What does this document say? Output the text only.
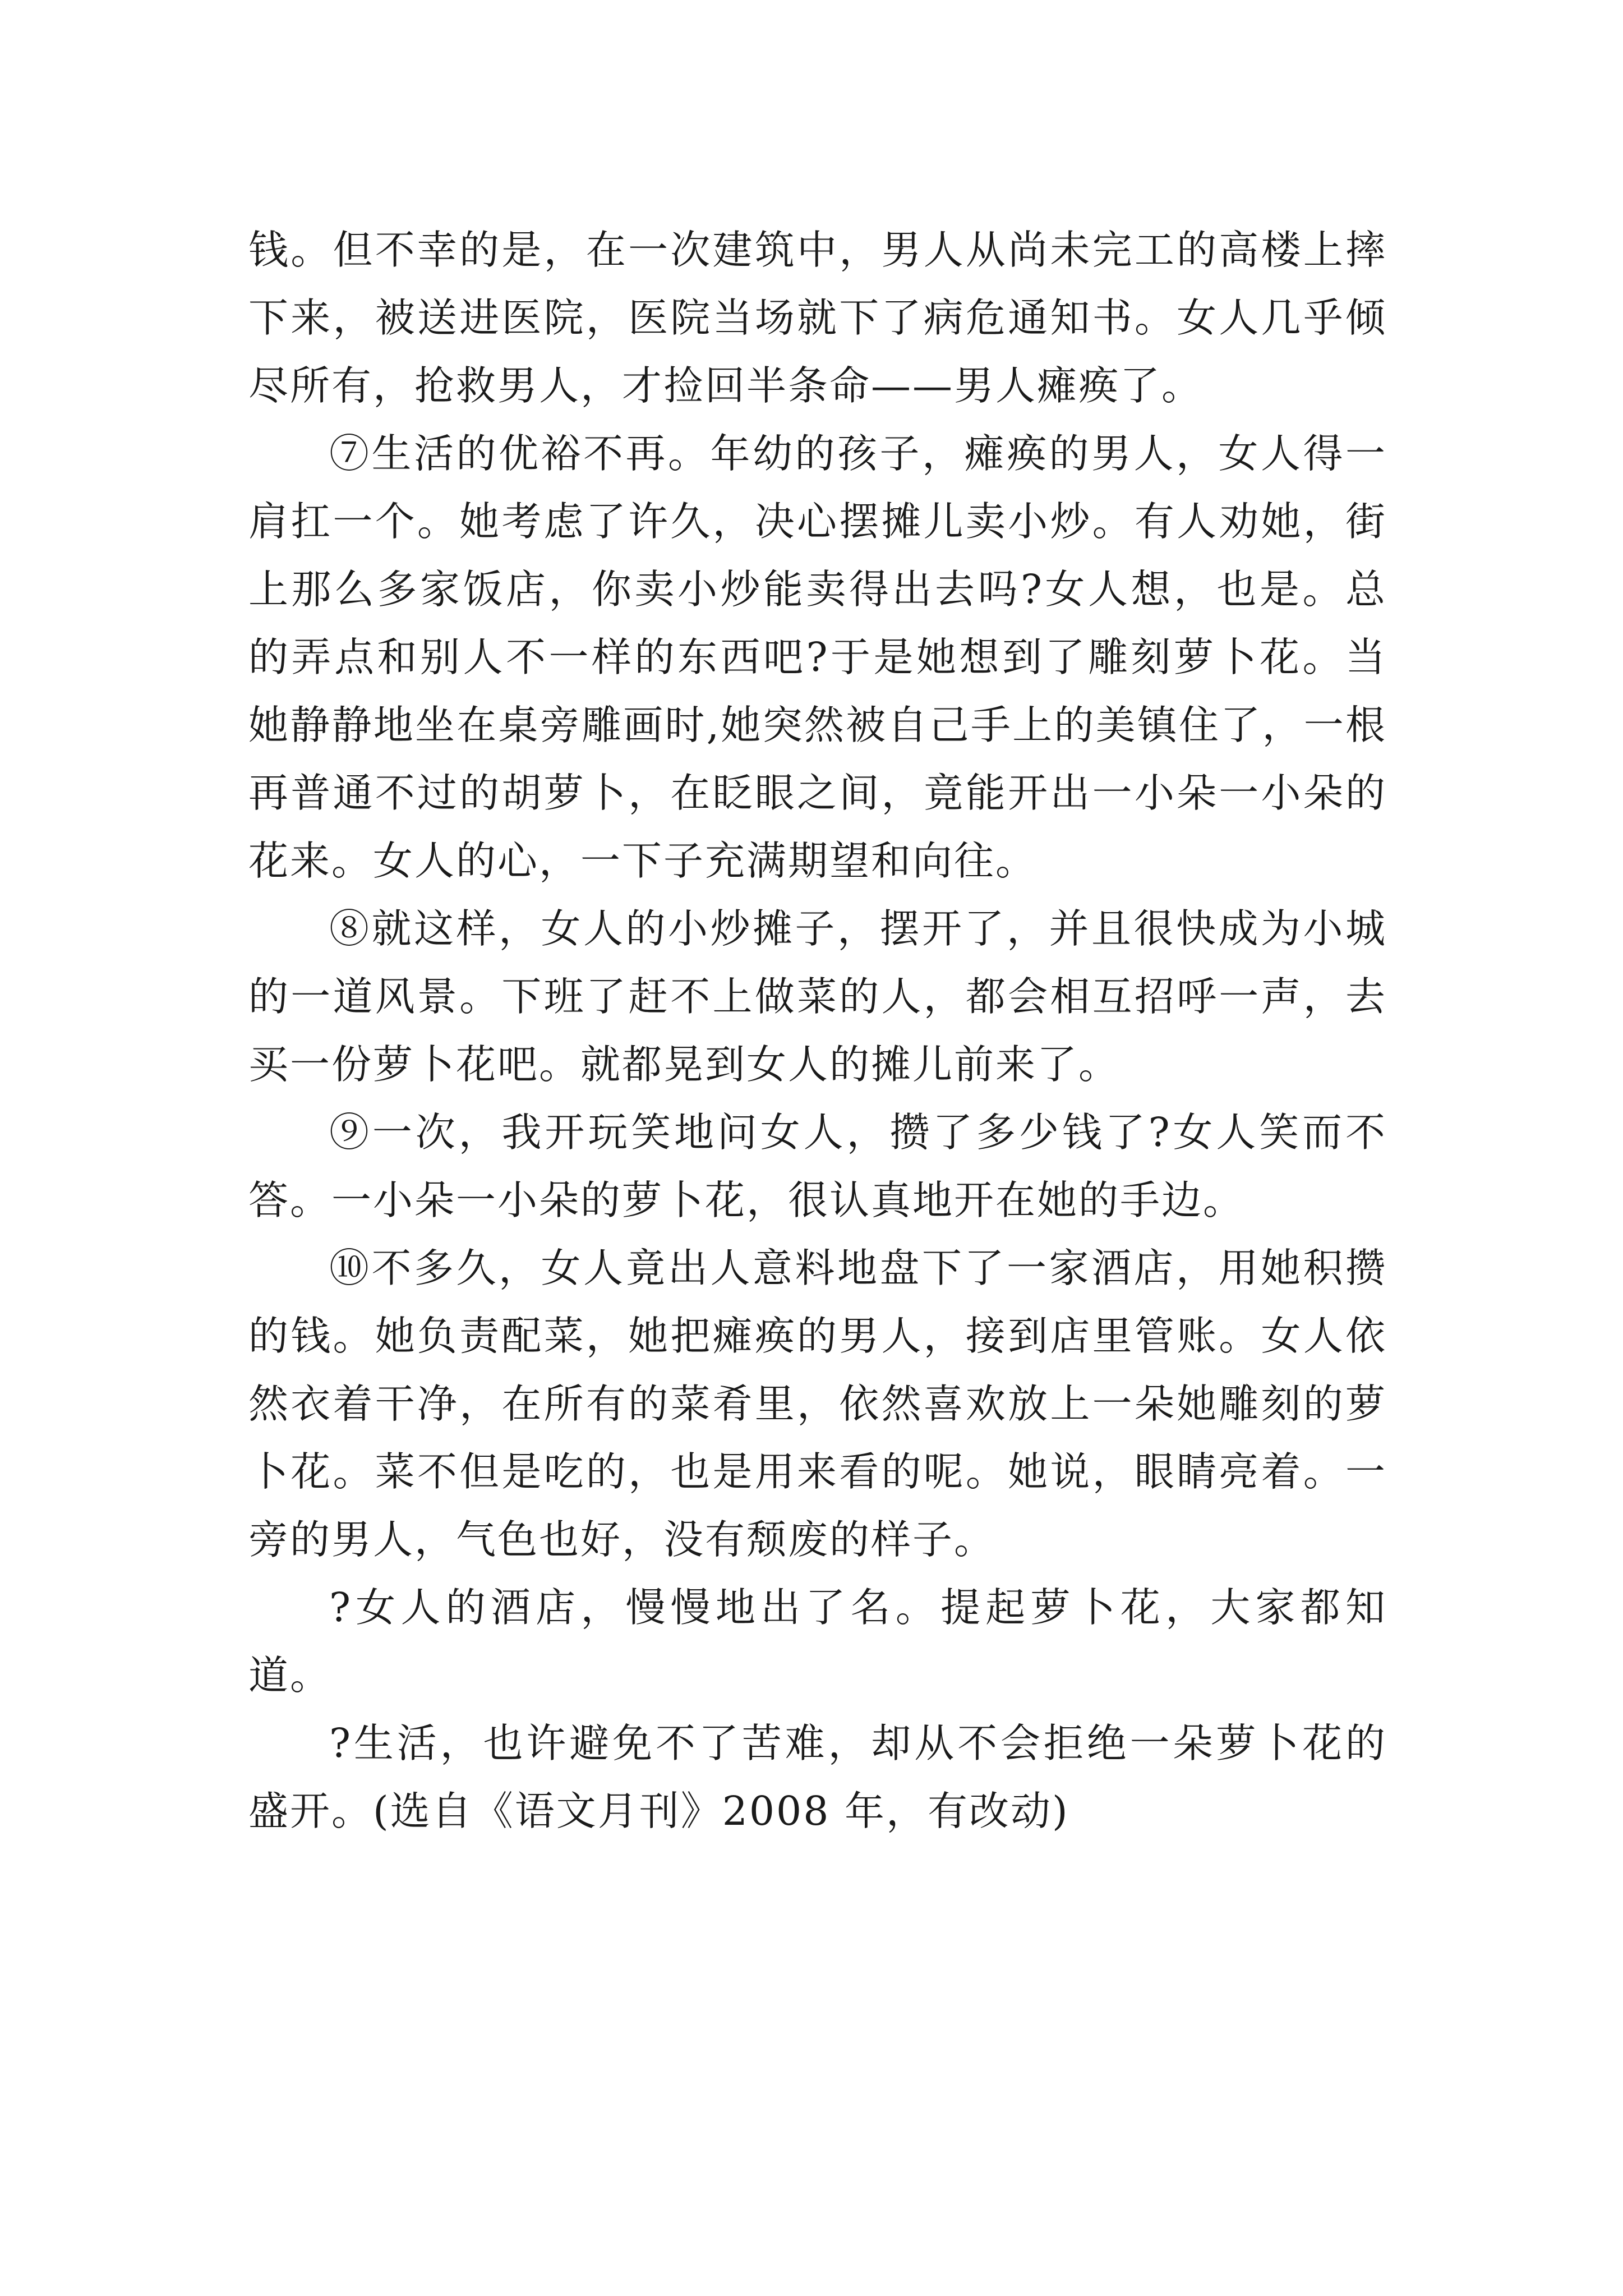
钱。但不幸的是，在一次建筑中，男人从尚未完工的高楼上摔下来，被送进医院，医院当场就下了病危通知书。女人几乎倾尽所有，抢救男人，才捡回半条命——男人瘫痪了。

⑦生活的优裕不再。年幼的孩子，瘫痪的男人，女人得一肩扛一个。她考虑了许久，决心摆摊儿卖小炒。有人劝她，街上那么多家饭店，你卖小炒能卖得出去吗?女人想，也是。总的弄点和别人不一样的东西吧?于是她想到了雕刻萝卜花。当她静静地坐在桌旁雕画时,她突然被自己手上的美镇住了，一根再普通不过的胡萝卜，在眨眼之间，竟能开出一小朵一小朵的花来。女人的心，一下子充满期望和向往。

⑧就这样，女人的小炒摊子，摆开了，并且很快成为小城的一道风景。下班了赶不上做菜的人，都会相互招呼一声，去买一份萝卜花吧。就都晃到女人的摊儿前来了。

⑨一次，我开玩笑地问女人，攒了多少钱了?女人笑而不答。一小朵一小朵的萝卜花，很认真地开在她的手边。

⑩不多久，女人竟出人意料地盘下了一家酒店，用她积攒的钱。她负责配菜，她把瘫痪的男人，接到店里管账。女人依然衣着干净，在所有的菜肴里，依然喜欢放上一朵她雕刻的萝卜花。菜不但是吃的，也是用来看的呢。她说，眼睛亮着。一旁的男人，气色也好，没有颓废的样子。

?女人的酒店，慢慢地出了名。提起萝卜花，大家都知道。

?生活，也许避免不了苦难，却从不会拒绝一朵萝卜花的盛开。(选自《语文月刊》2008 年，有改动)
